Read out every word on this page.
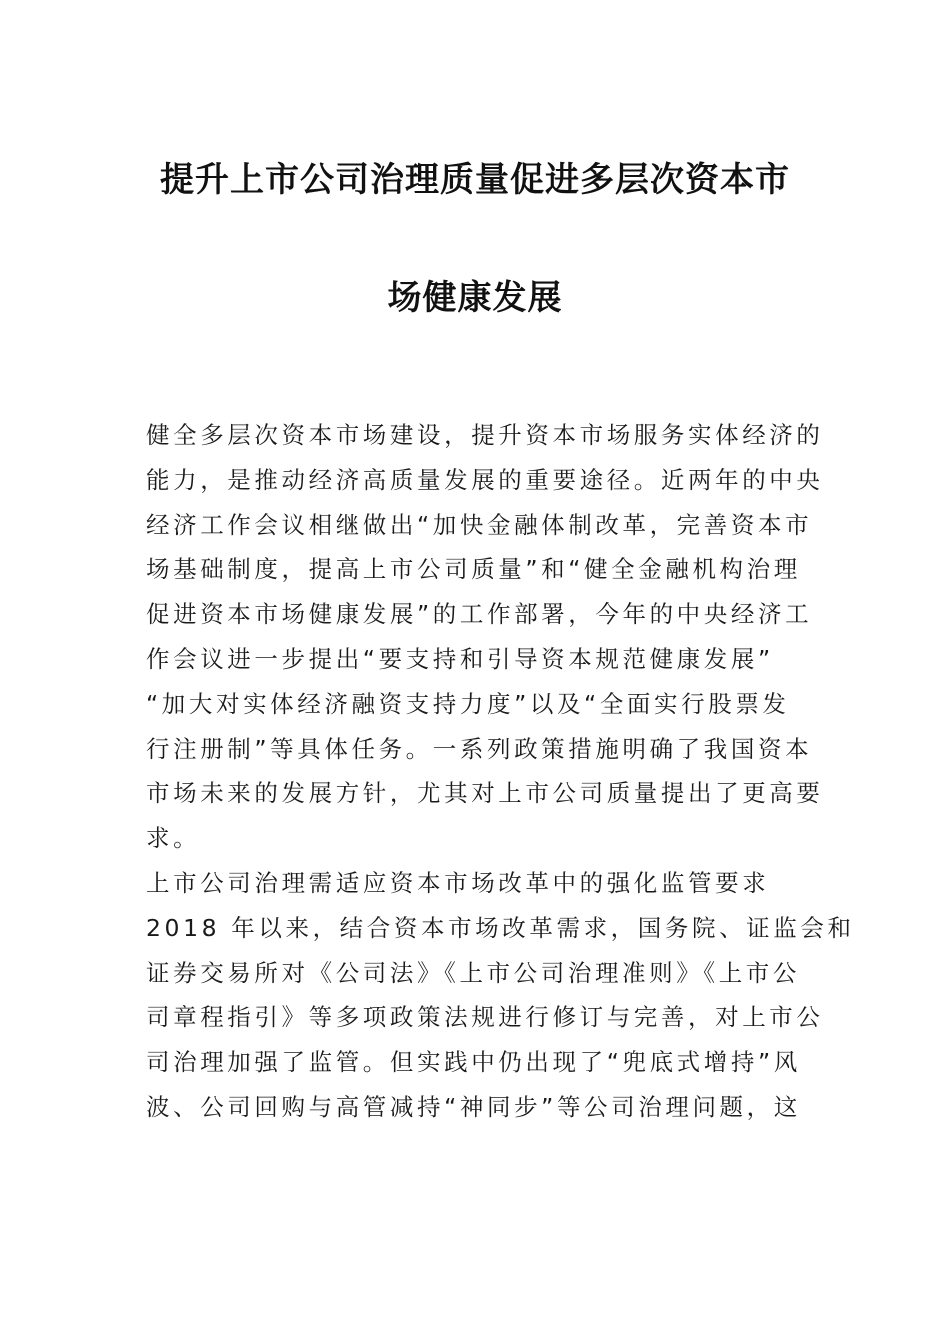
提升上市公司治理质量促进多层次资本市
场健康发展
健全多层次资本市场建设，提升资本市场服务实体经济的
能力，是推动经济高质量发展的重要途径。近两年的中央
经济工作会议相继做出“加快金融体制改革，完善资本市
场基础制度，提高上市公司质量”和“健全金融机构治理
促进资本市场健康发展”的工作部署，今年的中央经济工
作会议进一步提出“要支持和引导资本规范健康发展”
“加大对实体经济融资支持力度”以及“全面实行股票发
行注册制”等具体任务。一系列政策措施明确了我国资本
市场未来的发展方针，尤其对上市公司质量提出了更高要
求。
上市公司治理需适应资本市场改革中的强化监管要求
2018 年以来，结合资本市场改革需求，国务院、证监会和
证券交易所对《公司法》《上市公司治理准则》《上市公
司章程指引》等多项政策法规进行修订与完善，对上市公
司治理加强了监管。但实践中仍出现了“兜底式增持”风
波、公司回购与高管减持“神同步”等公司治理问题，这
